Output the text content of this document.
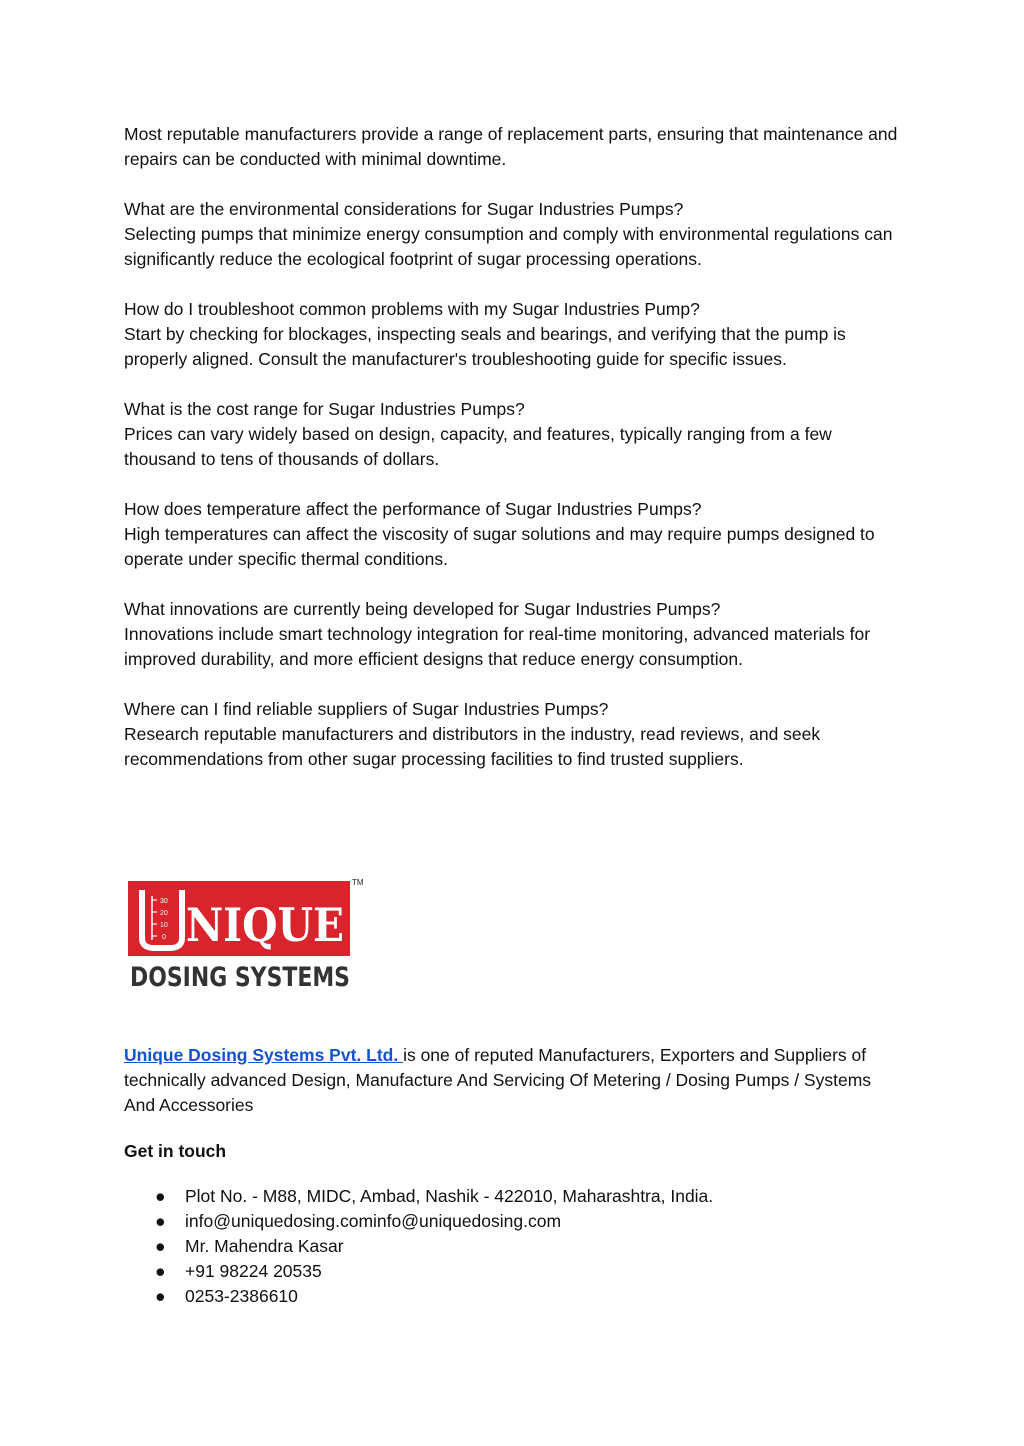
Most reputable manufacturers provide a range of replacement parts, ensuring that maintenance and repairs can be conducted with minimal downtime.

What are the environmental considerations for Sugar Industries Pumps?
Selecting pumps that minimize energy consumption and comply with environmental regulations can significantly reduce the ecological footprint of sugar processing operations.
How do I troubleshoot common problems with my Sugar Industries Pump?
Start by checking for blockages, inspecting seals and bearings, and verifying that the pump is properly aligned. Consult the manufacturer's troubleshooting guide for specific issues.
What is the cost range for Sugar Industries Pumps?
Prices can vary widely based on design, capacity, and features, typically ranging from a few thousand to tens of thousands of dollars.
How does temperature affect the performance of Sugar Industries Pumps?
High temperatures can affect the viscosity of sugar solutions and may require pumps designed to operate under specific thermal conditions.
What innovations are currently being developed for Sugar Industries Pumps?
Innovations include smart technology integration for real-time monitoring, advanced materials for improved durability, and more efficient designs that reduce energy consumption.
Where can I find reliable suppliers of Sugar Industries Pumps?
Research reputable manufacturers and distributors in the industry, read reviews, and seek recommendations from other sugar processing facilities to find trusted suppliers.
30
20
10
0 NIQUE
TM
DOSING SYSTEMS
Unique Dosing Systems Pvt. Ltd. is one of reputed Manufacturers, Exporters and Suppliers of technically advanced Design, Manufacture And Servicing Of Metering / Dosing Pumps / Systems And Accessories
Get in touch
● Plot No. - M88, MIDC, Ambad, Nashik - 422010, Maharashtra, India.
● info@uniquedosing.cominfo@uniquedosing.com
● Mr. Mahendra Kasar
● +91 98224 20535
● 0253-2386610
